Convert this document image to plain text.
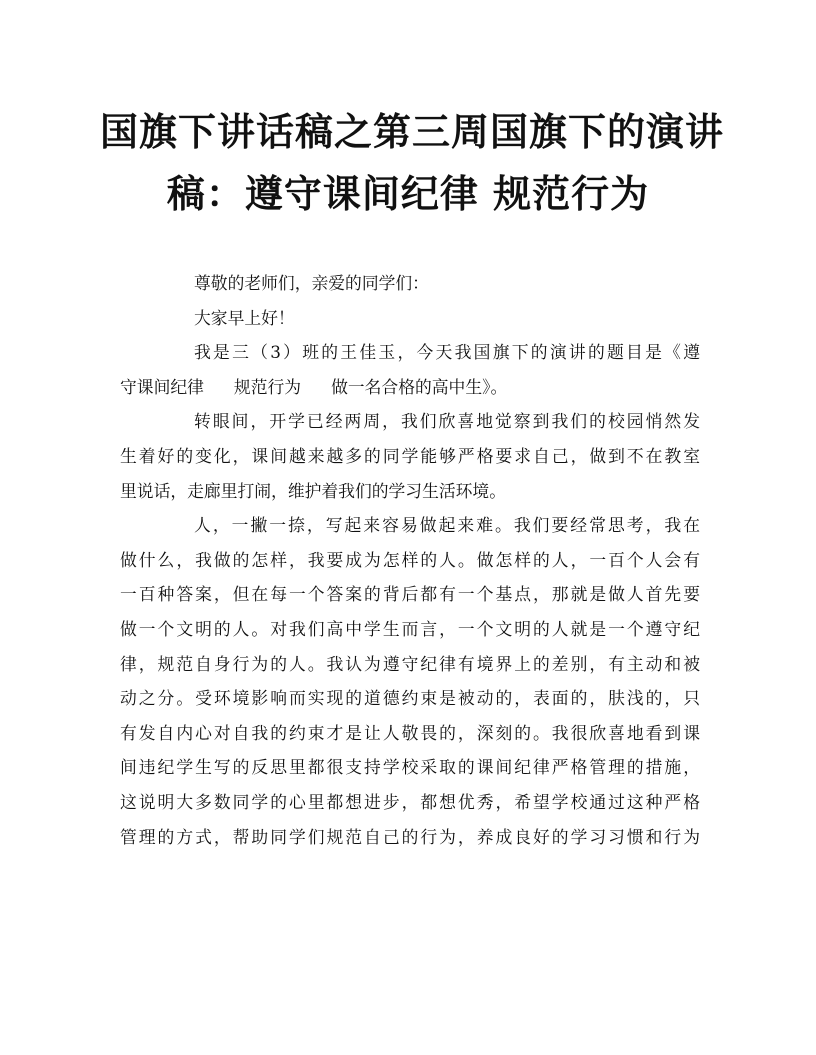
国旗下讲话稿之第三周国旗下的演讲
稿：遵守课间纪律 规范行为
尊敬的老师们，亲爱的同学们：
大家早上好！
我是三（3）班的王佳玉，今天我国旗下的演讲的题目是《遵
守课间纪律 规范行为 做一名合格的高中生》。
转眼间，开学已经两周，我们欣喜地觉察到我们的校园悄然发
生着好的变化，课间越来越多的同学能够严格要求自己，做到不在教室
里说话，走廊里打闹，维护着我们的学习生活环境。
人，一撇一捺，写起来容易做起来难。我们要经常思考，我在
做什么，我做的怎样，我要成为怎样的人。做怎样的人，一百个人会有
一百种答案，但在每一个答案的背后都有一个基点，那就是做人首先要
做一个文明的人。对我们高中学生而言，一个文明的人就是一个遵守纪
律，规范自身行为的人。我认为遵守纪律有境界上的差别，有主动和被
动之分。受环境影响而实现的道德约束是被动的，表面的，肤浅的，只
有发自内心对自我的约束才是让人敬畏的，深刻的。我很欣喜地看到课
间违纪学生写的反思里都很支持学校采取的课间纪律严格管理的措施，
这说明大多数同学的心里都想进步，都想优秀，希望学校通过这种严格
管理的方式，帮助同学们规范自己的行为，养成良好的学习习惯和行为
